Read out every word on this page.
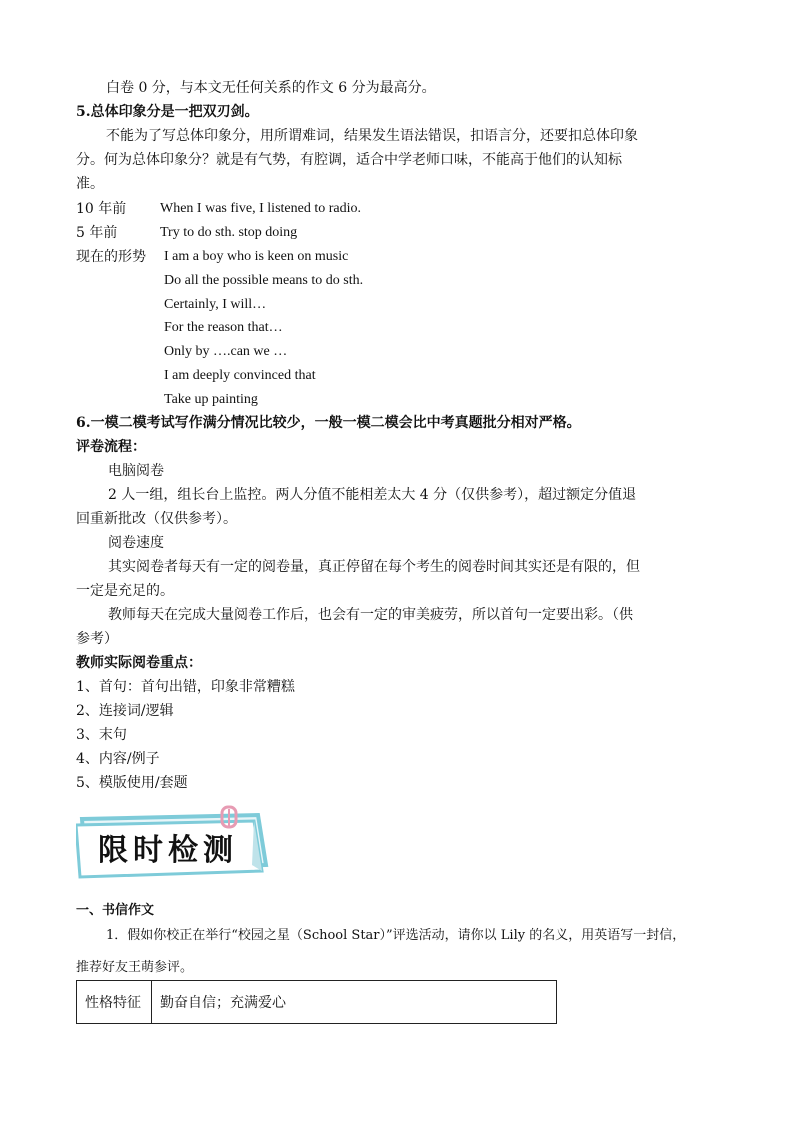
白卷 0 分，与本文无任何关系的作文 6 分为最高分。
5.总体印象分是一把双刃剑。
不能为了写总体印象分，用所谓难词，结果发生语法错误，扣语言分，还要扣总体印象
分。何为总体印象分？就是有气势，有腔调，适合中学老师口味，不能高于他们的认知标
准。
10 年前 When I was five, I listened to radio.
5 年前	Try to do sth. stop doing
现在的形势 I am a boy who is keen on music
Do all the possible means to do sth.
Certainly, I will…
For the reason that…
Only by ….can we …
I am deeply convinced that
Take up painting
6.一模二模考试写作满分情况比较少，一般一模二模会比中考真题批分相对严格。
评卷流程：
电脑阅卷
2 人一组，组长台上监控。两人分值不能相差太大 4 分（仅供参考），超过额定分值退
回重新批改（仅供参考）。
阅卷速度
其实阅卷者每天有一定的阅卷量，真正停留在每个考生的阅卷时间其实还是有限的，但
一定是充足的。
教师每天在完成大量阅卷工作后，也会有一定的审美疲劳，所以首句一定要出彩。（供
参考）
教师实际阅卷重点：
1、首句：首句出错，印象非常糟糕
2、连接词/逻辑
3、末句
4、内容/例子
5、模版使用/套题
限时检测
一、书信作文
1．假如你校正在举行“校园之星（School Star）”评选活动，请你以 Lily 的名义，用英语写一封信，
推荐好友王萌参评。
性格特征	勤奋自信；充满爱心
